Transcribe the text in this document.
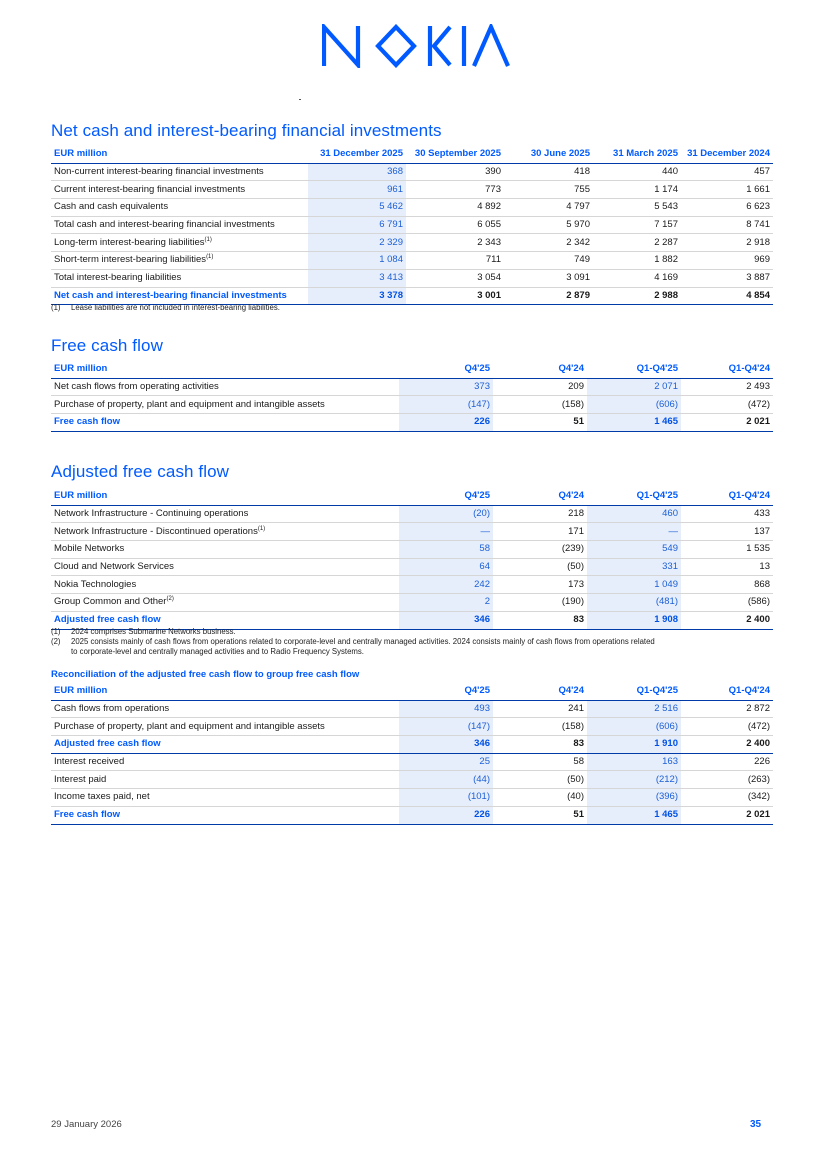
Net cash and interest-bearing financial investments
EUR million	31 December 2025	30 September 2025	30 June 2025	31 March 2025	31 December 2024
Non-current interest-bearing financial investments	368	390	418	440	457
Current interest-bearing financial investments	961	773	755	1 174	1 661
Cash and cash equivalents	5 462	4 892	4 797	5 543	6 623
Total cash and interest-bearing financial investments	6 791	6 055	5 970	7 157	8 741
Long-term interest-bearing liabilities$^{(1)}$	2 329	2 343	2 342	2 287	2 918
Short-term interest-bearing liabilities$^{(1)}$	1 084	711	749	1 882	969
Total interest-bearing liabilities	3 413	3 054	3 091	4 169	3 887
Net cash and interest-bearing financial investments	3 378	3 001	2 879	2 988	4 854
(1) Lease liabilities are not included in interest-bearing liabilities.
Free cash flow
EUR million	Q4'25	Q4'24	Q1-Q4'25	Q1-Q4'24
Net cash flows from operating activities	373	209	2 071	2 493
Purchase of property, plant and equipment and intangible assets	(147)	(158)	(606)	(472)
Free cash flow	226	51	1 465	2 021
Adjusted free cash flow
EUR million	Q4'25	Q4'24	Q1-Q4'25	Q1-Q4'24
Network Infrastructure - Continuing operations	(20)	218	460	433
Network Infrastructure - Discontinued operations$^{(1)}$	—	171	—	137
Mobile Networks	58	(239)	549	1 535
Cloud and Network Services	64	(50)	331	13
Nokia Technologies	242	173	1 049	868
Group Common and Other$^{(2)}$	2	(190)	(481)	(586)
Adjusted free cash flow	346	83	1 908	2 400
(1) 2024 comprises Submarine Networks business.
(2) 2025 consists mainly of cash flows from operations related to corporate-level and centrally managed activities. 2024 consists mainly of cash flows from operations related
to corporate-level and centrally managed activities and to Radio Frequency Systems.
Reconciliation of the adjusted free cash flow to group free cash flow
EUR million	Q4'25	Q4'24	Q1-Q4'25	Q1-Q4'24
Cash flows from operations	493	241	2 516	2 872
Purchase of property, plant and equipment and intangible assets	(147)	(158)	(606)	(472)
Adjusted free cash flow	346	83	1 910	2 400
Interest received	25	58	163	226
Interest paid	(44)	(50)	(212)	(263)
Income taxes paid, net	(101)	(40)	(396)	(342)
Free cash flow	226	51	1 465	2 021
29 January 2026	35
